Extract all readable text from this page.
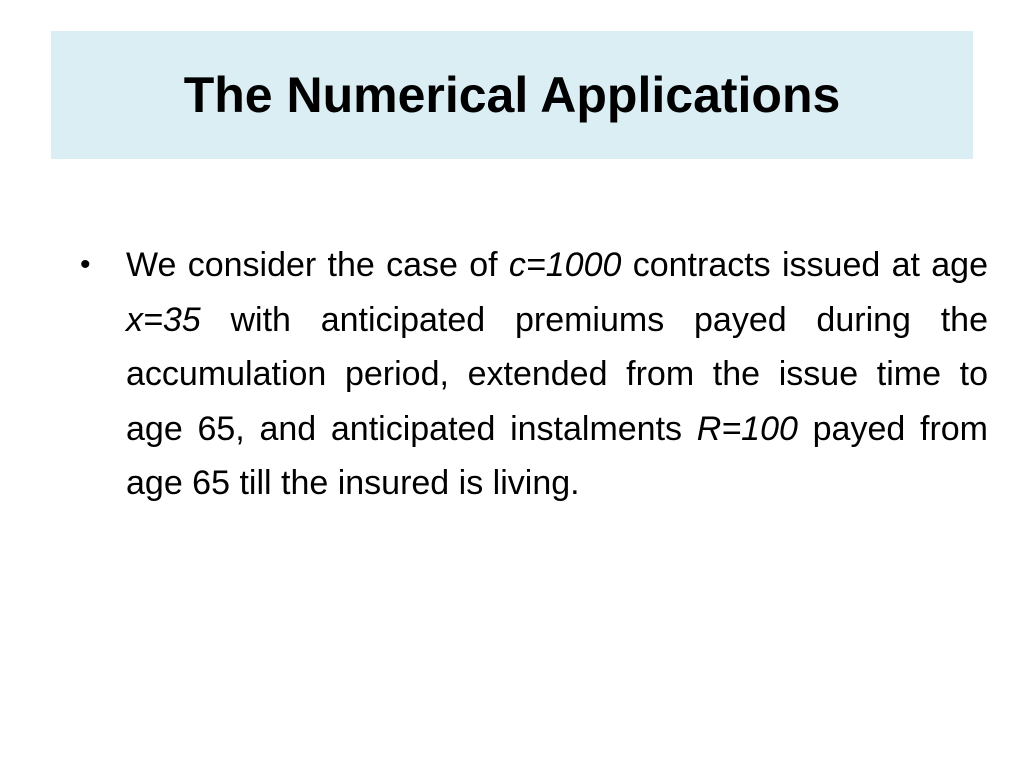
The Numerical Applications
•	We consider the case of c=1000 contracts issued at age x=35 with anticipated premiums payed during the accumulation period, extended from the issue time to age 65, and anticipated instalments R=100 payed from age 65 till the insured is living.
